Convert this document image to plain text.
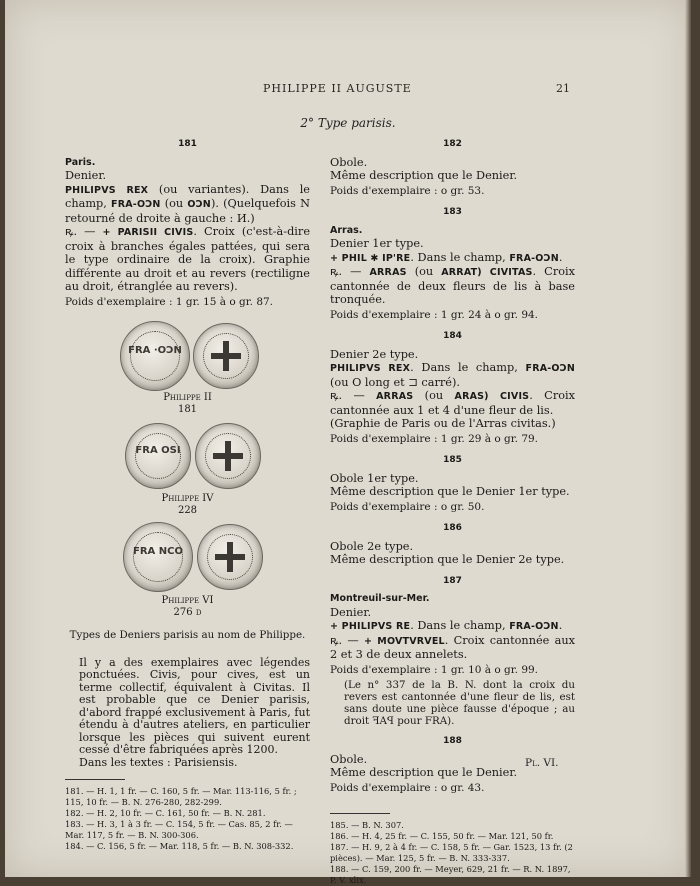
PHILIPPE II AUGUSTE	21
2° Type parisis.
181
Paris.
Denier.
PHILIPVS REX (ou variantes). Dans le champ, FRA-OƆN (ou OƆN). (Quelquefois N retourné de droite à gauche : И.)
ꝶ. — + PARISII CIVIS. Croix (c'est-à-dire croix à branches égales pattées, qui sera le type ordinaire de la croix). Graphie différente au droit et au revers (rectiligne au droit, étranglée au revers).
Poids d'exemplaire : 1 gr. 15 à o gr. 87.
FRA ·OƆN
Philippe II
181
FRA OSI
Philippe IV
228
FRA NCO
Philippe VI
276 d
Types de Deniers parisis au nom de Philippe.
Il y a des exemplaires avec légendes ponctuées. Civis, pour cives, est un terme collectif, équivalent à Civitas. Il est probable que ce Denier parisis, d'abord frappé exclusivement à Paris, fut étendu à d'autres ateliers, en particulier lorsque les pièces qui suivent eurent cessé d'être fabriquées après 1200.
Dans les textes : Parisiensis.
181. — H. 1, 1 fr. — C. 160, 5 fr. — Mar. 113-116, 5 fr. ; 115, 10 fr. — B. N. 276-280, 282-299.
182. — H. 2, 10 fr. — C. 161, 50 fr. — B. N. 281.
183. — H. 3, 1 à 3 fr. — C. 154, 5 fr. — Cas. 85, 2 fr. — Mar. 117, 5 fr. — B. N. 300-306.
184. — C. 156, 5 fr. — Mar. 118, 5 fr. — B. N. 308-332.
182
Obole.
Même description que le Denier.
Poids d'exemplaire : o gr. 53.
183
Arras.
Denier 1er type.
+ PHIL ✱ IP'RE. Dans le champ, FRA-OƆN.
ꝶ. — ARRAS (ou ARRAT) CIVITAS. Croix cantonnée de deux fleurs de lis à base tronquée.
Poids d'exemplaire : 1 gr. 24 à o gr. 94.
184
Denier 2e type.
PHILIPVS REX. Dans le champ, FRA-OƆN (ou O long et ⊐ carré).
ꝶ. — ARRAS (ou ARAS) CIVIS. Croix cantonnée aux 1 et 4 d'une fleur de lis.
(Graphie de Paris ou de l'Arras civitas.)
Poids d'exemplaire : 1 gr. 29 à o gr. 79.
185
Obole 1er type.
Même description que le Denier 1er type.
Poids d'exemplaire : o gr. 50.
186
Obole 2e type.
Même description que le Denier 2e type.
187
Montreuil-sur-Mer.
Denier.
+ PHILIPVS RE. Dans le champ, FRA-OƆN.
ꝶ. — + MOVTVRVEL. Croix cantonnée aux 2 et 3 de deux annelets.
Poids d'exemplaire : 1 gr. 10 à o gr. 99.
(Le n° 337 de la B. N. dont la croix du revers est cantonnée d'une fleur de lis, est sans doute une pièce fausse d'époque ; au droit ꟻAꟼ pour FRA).
188
Obole.
Même description que le Denier.
Poids d'exemplaire : o gr. 43.
185. — B. N. 307.
186. — H. 4, 25 fr. — C. 155, 50 fr. — Mar. 121, 50 fr.
187. — H. 9, 2 à 4 fr. — C. 158, 5 fr. — Gar. 1523, 13 fr. (2 pièces). — Mar. 125, 5 fr. — B. N. 333-337.
188. — C. 159, 200 fr. — Meyer, 629, 21 fr. — R. N. 1897, P. V. xlix.
Pl. VI.
